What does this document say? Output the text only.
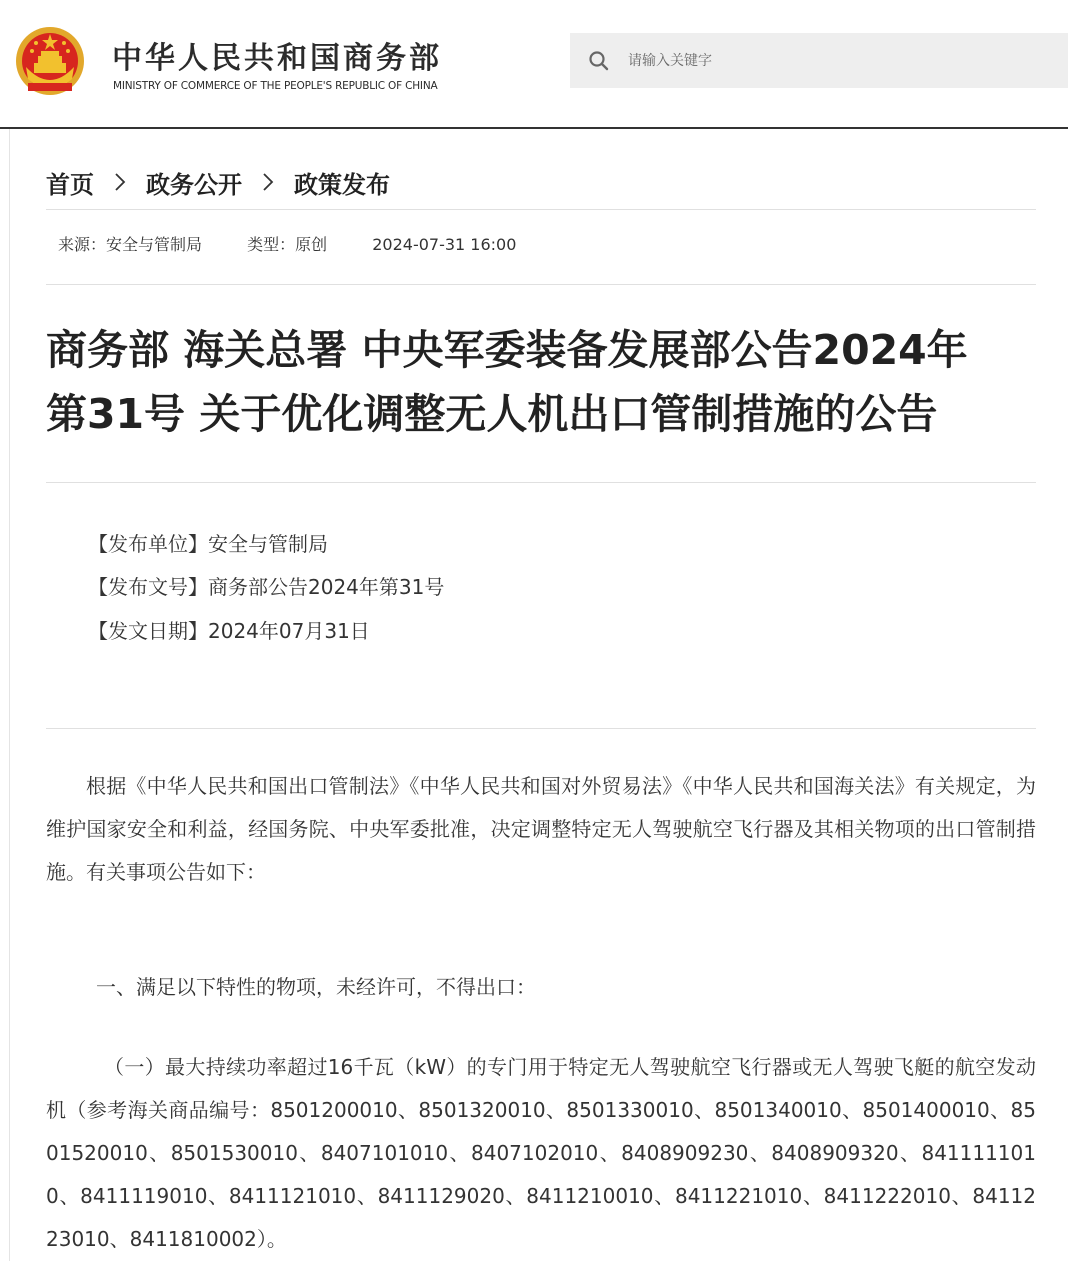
中华人民共和国商务部
MINISTRY OF COMMERCE OF THE PEOPLE'S REPUBLIC OF CHINA
请输入关键字
首页 政务公开 政策发布
来源：安全与管制局	类型：原创	2024-07-31 16:00
商务部 海关总署 中央军委装备发展部公告2024年
第31号 关于优化调整无人机出口管制措施的公告
【发布单位】安全与管制局
【发布文号】商务部公告2024年第31号
【发文日期】2024年07月31日

根据《中华人民共和国出口管制法》《中华人民共和国对外贸易法》《中华人民共和国海关法》有关规定，为维护国家安全和利益，经国务院、中央军委批准，决定调整特定无人驾驶航空飞行器及其相关物项的出口管制措施。有关事项公告如下：

一、满足以下特性的物项，未经许可，不得出口：

（一）最大持续功率超过16千瓦（kW）的专门用于特定无人驾驶航空飞行器或无人驾驶飞艇的航空发动机（参考海关商品编号：8501200010、8501320010、8501330010、8501340010、8501400010、8501520010、8501530010、8407101010、8407102010、8408909230、8408909320、8411111010、8411119010、8411121010、8411129020、8411210010、8411221010、8411222010、8411223010、8411810002）。
